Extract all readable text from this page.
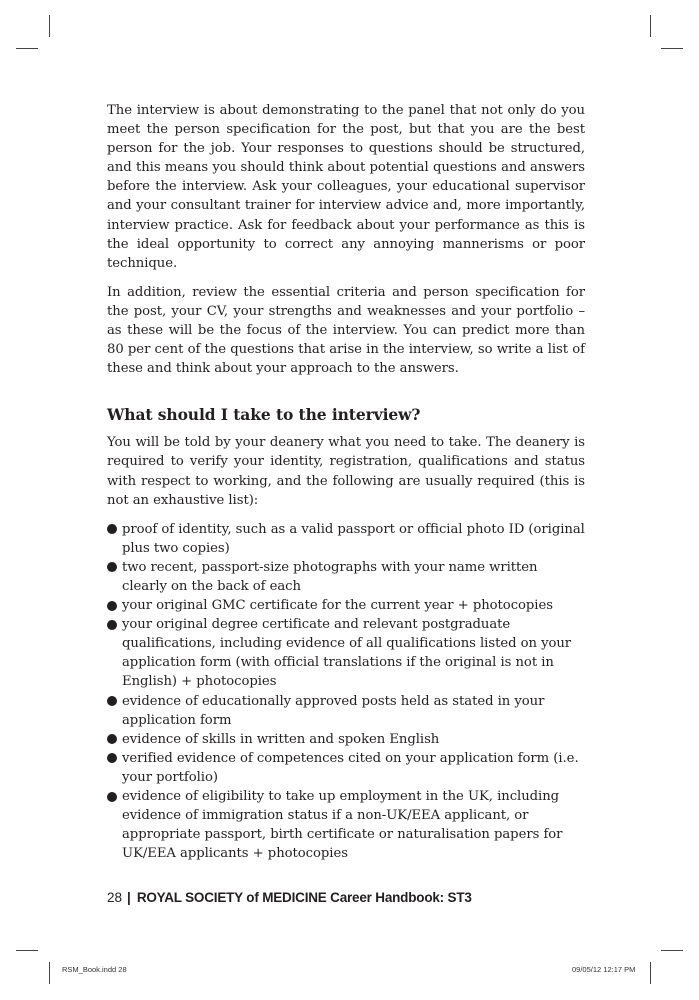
The interview is about demonstrating to the panel that not only do you meet the person specification for the post, but that you are the best person for the job. Your responses to questions should be structured, and this means you should think about potential questions and answers before the interview. Ask your colleagues, your educational supervisor and your consultant trainer for interview advice and, more importantly, interview practice. Ask for feedback about your performance as this is the ideal opportunity to correct any annoying mannerisms or poor technique.

In addition, review the essential criteria and person specification for the post, your CV, your strengths and weaknesses and your portfolio – as these will be the focus of the interview. You can predict more than 80 per cent of the questions that arise in the interview, so write a list of these and think about your approach to the answers.

What should I take to the interview?

You will be told by your deanery what you need to take. The deanery is required to verify your identity, registration, qualifications and status with respect to working, and the following are usually required (this is not an exhaustive list):

proof of identity, such as a valid passport or official photo ID (original plus two copies)
two recent, passport-size photographs with your name written clearly on the back of each
your original GMC certificate for the current year + photocopies
your original degree certificate and relevant postgraduate qualifications, including evidence of all qualifications listed on your application form (with official translations if the original is not in English) + photocopies
evidence of educationally approved posts held as stated in your application form
evidence of skills in written and spoken English
verified evidence of competences cited on your application form (i.e. your portfolio)
evidence of eligibility to take up employment in the UK, including evidence of immigration status if a non-UK/EEA applicant, or appropriate passport, birth certificate or naturalisation papers for UK/EEA applicants + photocopies
28 | ROYAL SOCIETY of MEDICINE Career Handbook: ST3
RSM_Book.indd 28	09/05/12 12:17 PM
